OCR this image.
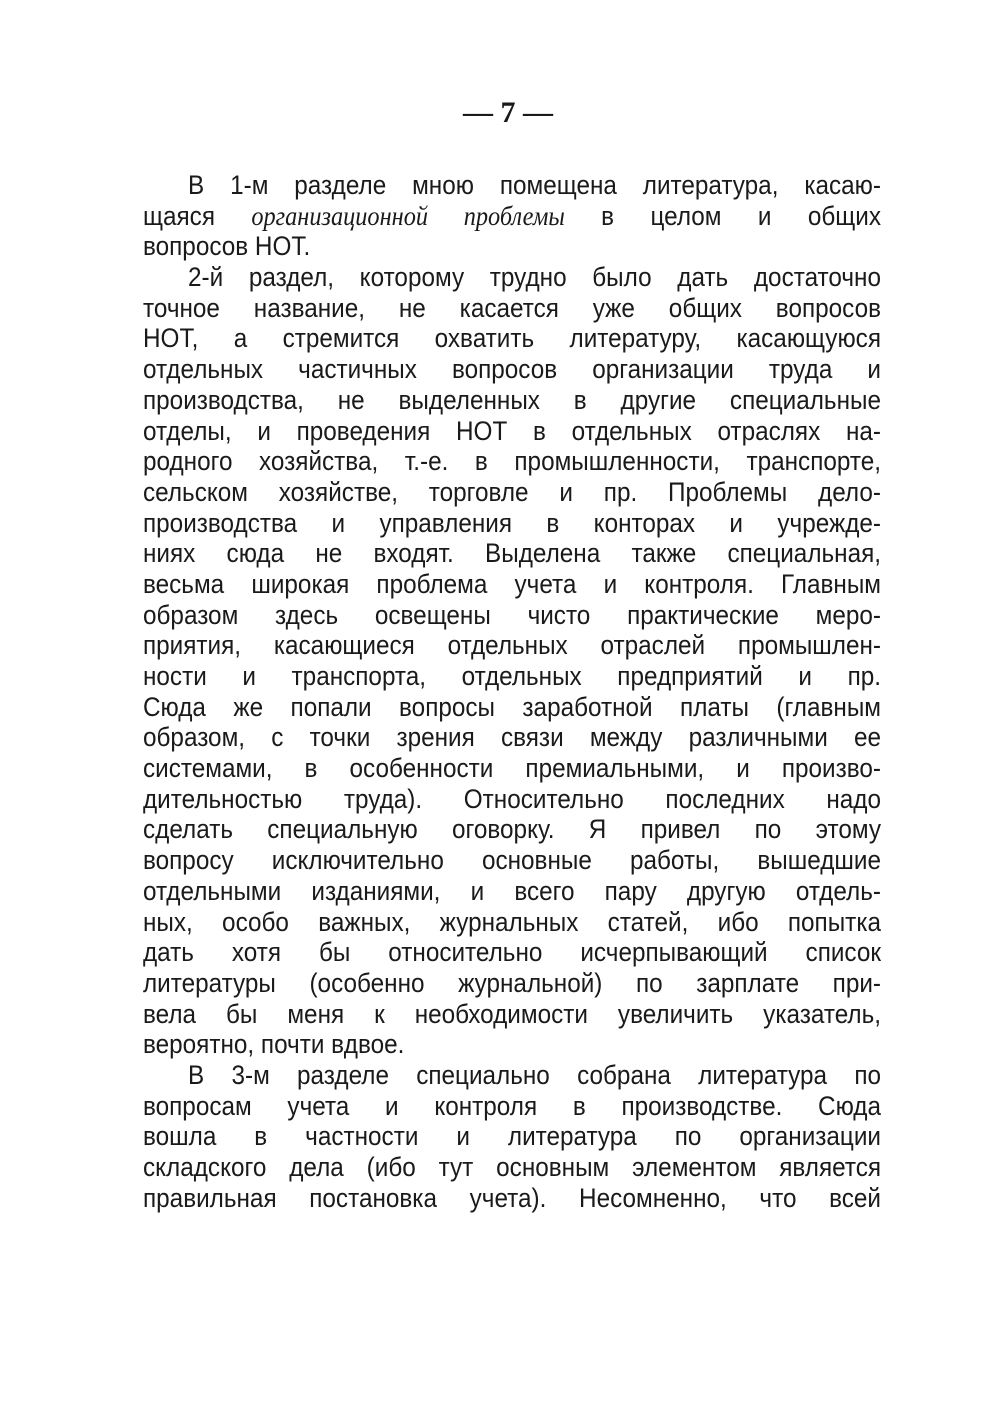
— 7 —
В 1-м разделе мною помещена литература, касаю-
щаяся организационной проблемы в целом и общих
вопросов НОТ.
2-й раздел, которому трудно было дать достаточно
точное название, не касается уже общих вопросов
НОТ, а стремится охватить литературу, касающуюся
отдельных частичных вопросов организации труда и
производства, не выделенных в другие специальные
отделы, и проведения НОТ в отдельных отраслях на-
родного хозяйства, т.-е. в промышленности, транспорте,
сельском хозяйстве, торговле и пр. Проблемы дело-
производства и управления в конторах и учрежде-
ниях сюда не входят. Выделена также специальная,
весьма широкая проблема учета и контроля. Главным
образом здесь освещены чисто практические меро-
приятия, касающиеся отдельных отраслей промышлен-
ности и транспорта, отдельных предприятий и пр.
Сюда же попали вопросы заработной платы (главным
образом, с точки зрения связи между различными ее
системами, в особенности премиальными, и произво-
дительностью труда). Относительно последних надо
сделать специальную оговорку. Я привел по этому
вопросу исключительно основные работы, вышедшие
отдельными изданиями, и всего пару другую отдель-
ных, особо важных, журнальных статей, ибо попытка
дать хотя бы относительно исчерпывающий список
литературы (особенно журнальной) по зарплате при-
вела бы меня к необходимости увеличить указатель,
вероятно, почти вдвое.
В 3-м разделе специально собрана литература по
вопросам учета и контроля в производстве. Сюда
вошла в частности и литература по организации
складского дела (ибо тут основным элементом является
правильная постановка учета). Несомненно, что всей
